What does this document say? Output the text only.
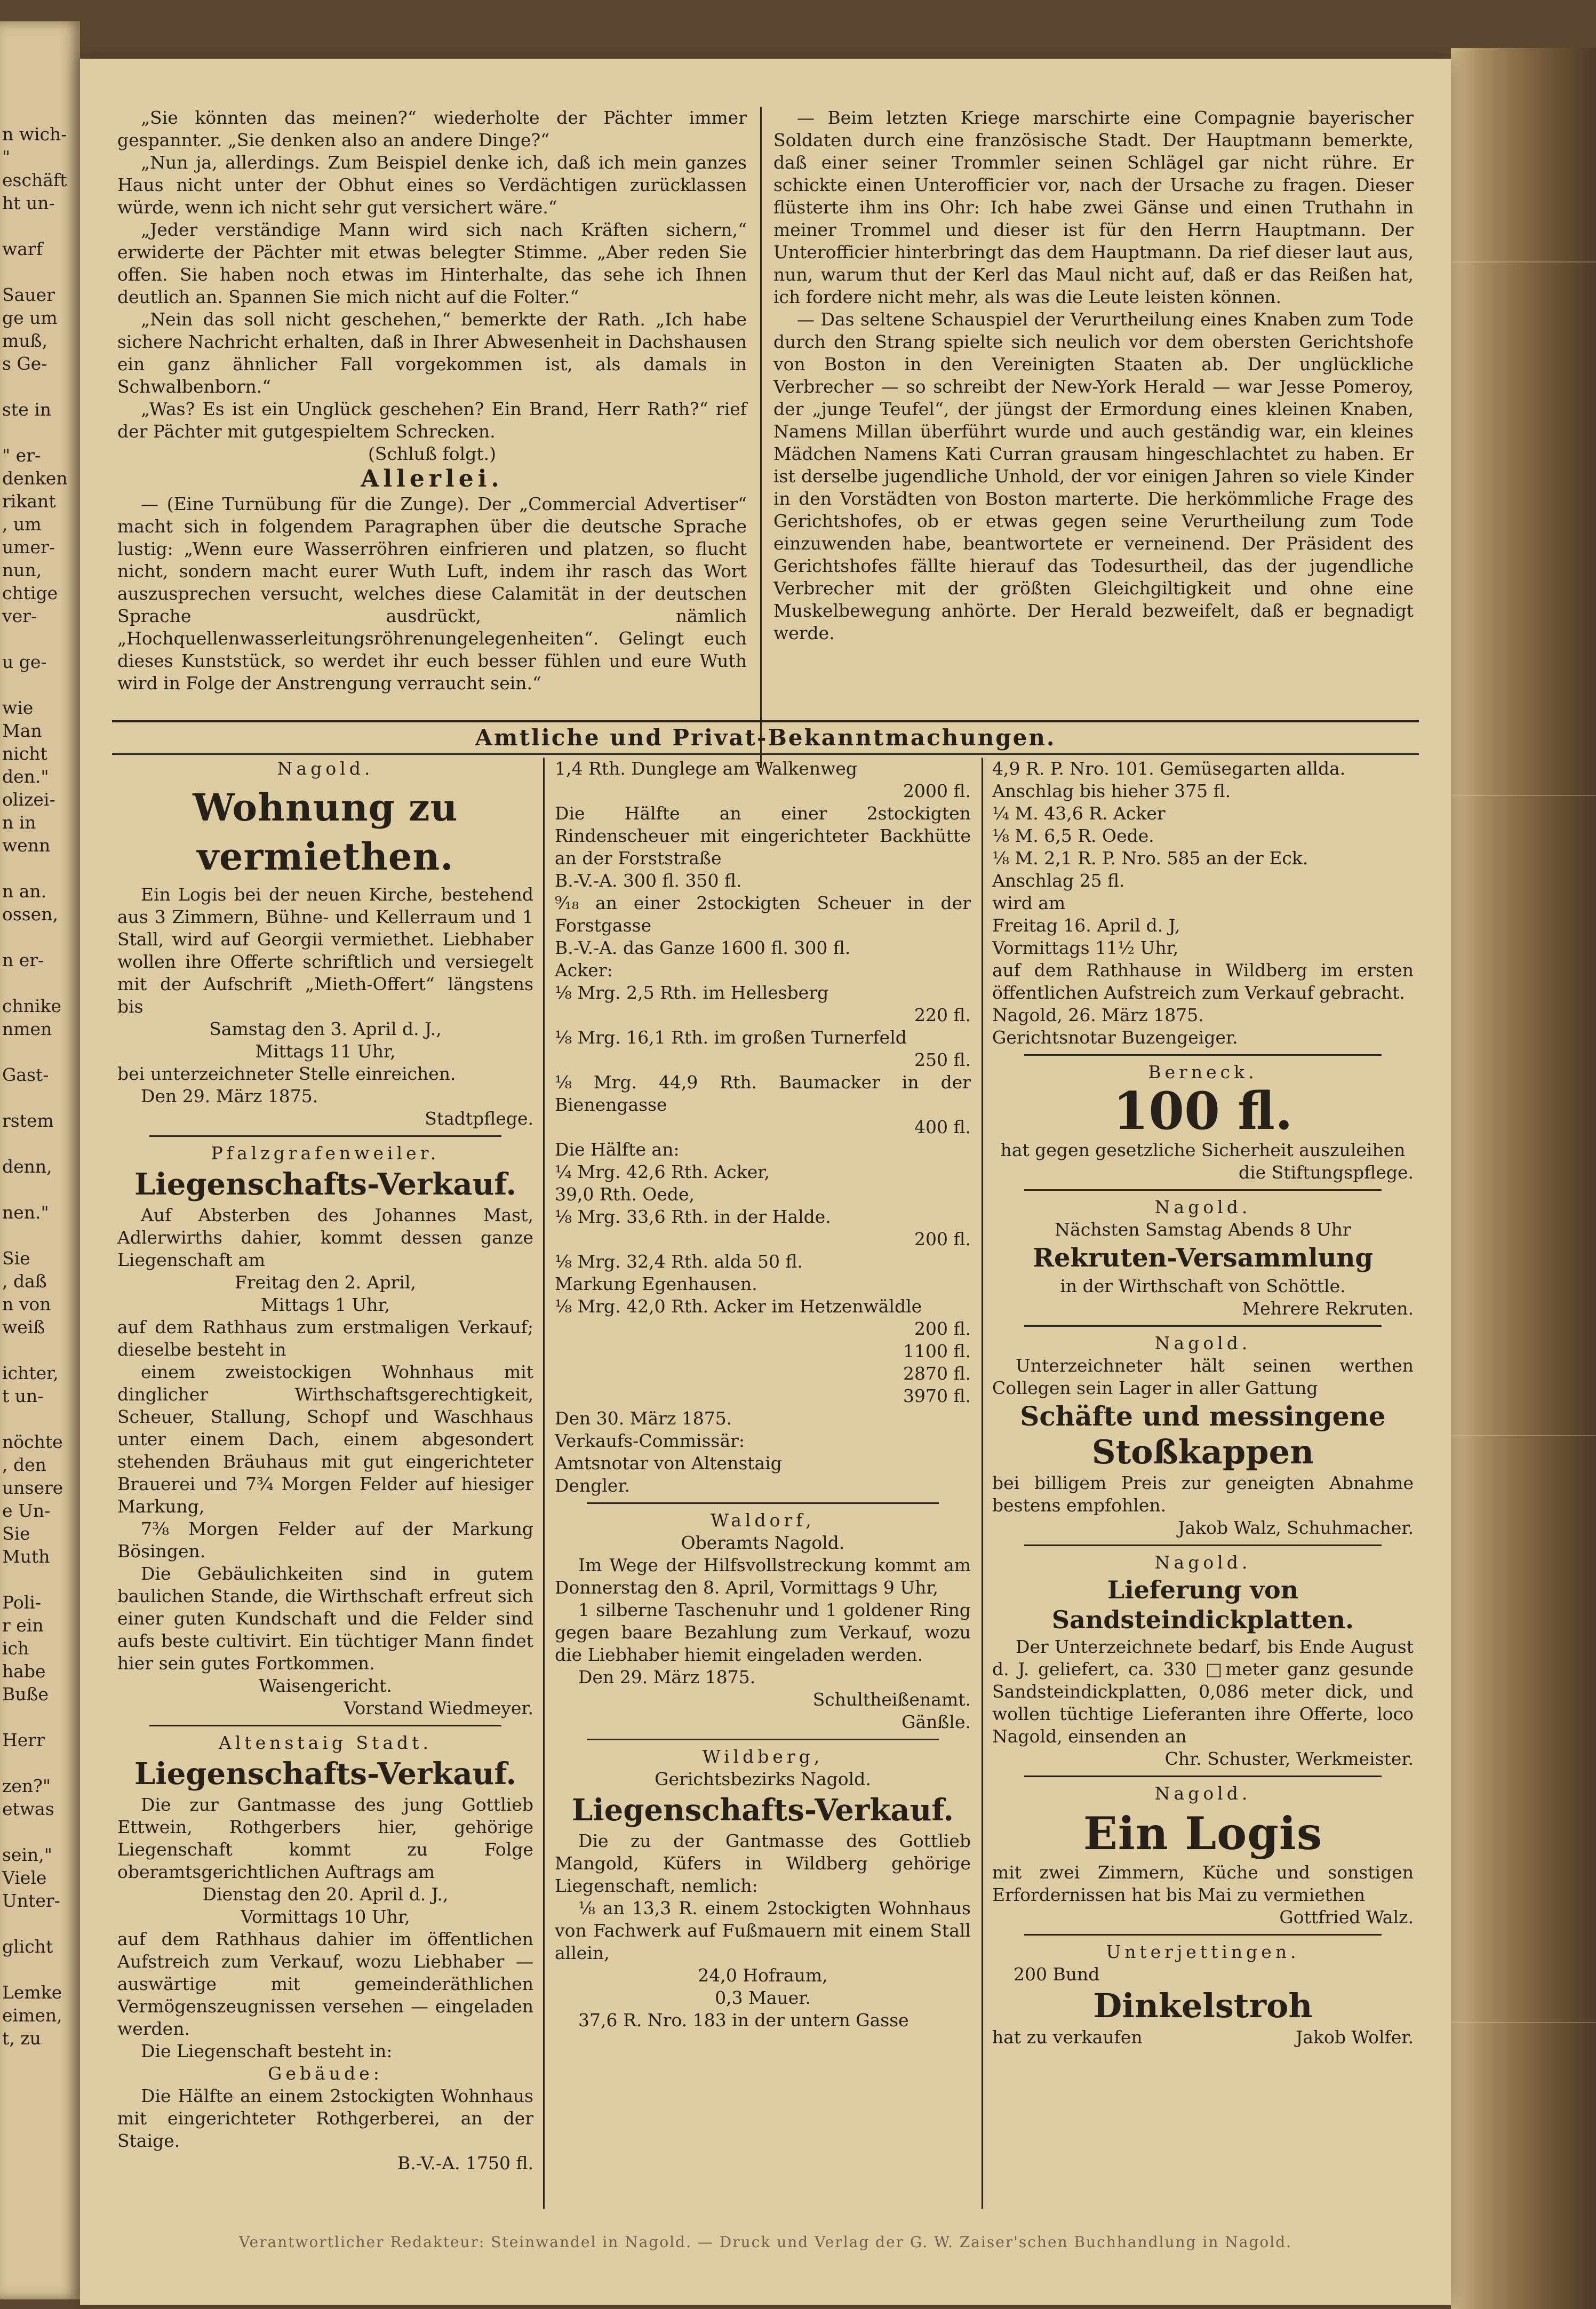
n wich-
"
eschäft
ht un-

warf

Sauer
ge um
muß,
s Ge-

ste in

" er-
denken
rikant
, um
umer-
nun,
chtige
ver-

u ge-

wie
Man
nicht
den."
olizei-
n in
wenn

n an.
ossen,

n er-

chnike
nmen

Gast-

rstem

denn,

nen."

Sie
, daß
n von
weiß

ichter,
t un-

nöchte
, den
unsere
e Un-
Sie
Muth

Poli-
r ein
ich
habe
Buße

Herr

zen?"
etwas

sein,"
Viele
Unter-

glicht

Lemke
eimen,
t, zu

„Sie könnten das meinen?“ wiederholte der Pächter immer gespannter. „Sie denken also an andere Dinge?“

„Nun ja, allerdings. Zum Beispiel denke ich, daß ich mein ganzes Haus nicht unter der Obhut eines so Verdächtigen zurücklassen würde, wenn ich nicht sehr gut versichert wäre.“

„Jeder verständige Mann wird sich nach Kräften sichern,“ erwiderte der Pächter mit etwas belegter Stimme. „Aber reden Sie offen. Sie haben noch etwas im Hinterhalte, das sehe ich Ihnen deutlich an. Spannen Sie mich nicht auf die Folter.“

„Nein das soll nicht geschehen,“ bemerkte der Rath. „Ich habe sichere Nachricht erhalten, daß in Ihrer Abwesenheit in Dachshausen ein ganz ähnlicher Fall vorgekommen ist, als damals in Schwalbenborn.“

„Was? Es ist ein Unglück geschehen? Ein Brand, Herr Rath?“ rief der Pächter mit gutgespieltem Schrecken.

(Schluß folgt.)

Allerlei.

— (Eine Turnübung für die Zunge). Der „Commercial Advertiser“ macht sich in folgendem Paragraphen über die deutsche Sprache lustig: „Wenn eure Wasserröhren einfrieren und platzen, so flucht nicht, sondern macht eurer Wuth Luft, indem ihr rasch das Wort auszusprechen versucht, welches diese Calamität in der deutschen Sprache ausdrückt, nämlich „Hochquellenwasserleitungsröhrenungelegenheiten“. Gelingt euch dieses Kunststück, so werdet ihr euch besser fühlen und eure Wuth wird in Folge der Anstrengung verraucht sein.“

— Beim letzten Kriege marschirte eine Compagnie bayerischer Soldaten durch eine französische Stadt. Der Hauptmann bemerkte, daß einer seiner Trommler seinen Schlägel gar nicht rühre. Er schickte einen Unterofficier vor, nach der Ursache zu fragen. Dieser flüsterte ihm ins Ohr: Ich habe zwei Gänse und einen Truthahn in meiner Trommel und dieser ist für den Herrn Hauptmann. Der Unterofficier hinterbringt das dem Hauptmann. Da rief dieser laut aus, nun, warum thut der Kerl das Maul nicht auf, daß er das Reißen hat, ich fordere nicht mehr, als was die Leute leisten können.

— Das seltene Schauspiel der Verurtheilung eines Knaben zum Tode durch den Strang spielte sich neulich vor dem obersten Gerichtshofe von Boston in den Vereinigten Staaten ab. Der unglückliche Verbrecher — so schreibt der New-York Herald — war Jesse Pomeroy, der „junge Teufel“, der jüngst der Ermordung eines kleinen Knaben, Namens Millan überführt wurde und auch geständig war, ein kleines Mädchen Namens Kati Curran grausam hingeschlachtet zu haben. Er ist derselbe jugendliche Unhold, der vor einigen Jahren so viele Kinder in den Vorstädten von Boston marterte. Die herkömmliche Frage des Gerichtshofes, ob er etwas gegen seine Verurtheilung zum Tode einzuwenden habe, beantwortete er verneinend. Der Präsident des Gerichtshofes fällte hierauf das Todesurtheil, das der jugendliche Verbrecher mit der größten Gleichgiltigkeit und ohne eine Muskelbewegung anhörte. Der Herald bezweifelt, daß er begnadigt werde.

Amtliche und Privat-Bekanntmachungen.

Nagold.

Wohnung zu vermiethen.

Ein Logis bei der neuen Kirche, bestehend aus 3 Zimmern, Bühne- und Kellerraum und 1 Stall, wird auf Georgii vermiethet. Liebhaber wollen ihre Offerte schriftlich und versiegelt mit der Aufschrift „Mieth-Offert“ längstens bis

Samstag den 3. April d. J.,

Mittags 11 Uhr,

bei unterzeichneter Stelle einreichen.

Den 29. März 1875.

Stadtpflege.

Pfalzgrafenweiler.

Liegenschafts-Verkauf.

Auf Absterben des Johannes Mast, Adlerwirths dahier, kommt dessen ganze Liegenschaft am

Freitag den 2. April,

Mittags 1 Uhr,

auf dem Rathhaus zum erstmaligen Verkauf; dieselbe besteht in

einem zweistockigen Wohnhaus mit dinglicher Wirthschaftsgerechtigkeit, Scheuer, Stallung, Schopf und Waschhaus unter einem Dach, einem abgesondert stehenden Bräuhaus mit gut eingerichteter Brauerei und 7¾ Morgen Felder auf hiesiger Markung,

7⅜ Morgen Felder auf der Markung Bösingen.

Die Gebäulichkeiten sind in gutem baulichen Stande, die Wirthschaft erfreut sich einer guten Kundschaft und die Felder sind aufs beste cultivirt. Ein tüchtiger Mann findet hier sein gutes Fortkommen.

Waisengericht.

Vorstand Wiedmeyer.

Altenstaig Stadt.

Liegenschafts-Verkauf.

Die zur Gantmasse des jung Gottlieb Ettwein, Rothgerbers hier, gehörige Liegenschaft kommt zu Folge oberamtsgerichtlichen Auftrags am

Dienstag den 20. April d. J.,

Vormittags 10 Uhr,

auf dem Rathhaus dahier im öffentlichen Aufstreich zum Verkauf, wozu Liebhaber — auswärtige mit gemeinderäthlichen Vermögenszeugnissen versehen — eingeladen werden.

Die Liegenschaft besteht in:

Gebäude:

Die Hälfte an einem 2stockigten Wohnhaus mit eingerichteter Rothgerberei, an der Staige.

B.-V.-A. 1750 fl.

1,4 Rth. Dunglege am Walkenweg

2000 fl.

Die Hälfte an einer 2stockigten Rindenscheuer mit eingerichteter Backhütte an der Forststraße

B.-V.-A. 300 fl. 350 fl.

⁹⁄₁₈ an einer 2stockigten Scheuer in der Forstgasse

B.-V.-A. das Ganze 1600 fl. 300 fl.

Acker:

⅛ Mrg. 2,5 Rth. im Hellesberg

220 fl.

⅛ Mrg. 16,1 Rth. im großen Turnerfeld

250 fl.

⅛ Mrg. 44,9 Rth. Baumacker in der Bienengasse

400 fl.

Die Hälfte an:

¼ Mrg. 42,6 Rth. Acker,

39,0 Rth. Oede,

⅛ Mrg. 33,6 Rth. in der Halde.

200 fl.

⅛ Mrg. 32,4 Rth. alda 50 fl.

Markung Egenhausen.

⅛ Mrg. 42,0 Rth. Acker im Hetzenwäldle

200 fl.

1100 fl.

2870 fl.

3970 fl.

Den 30. März 1875.

Verkaufs-Commissär:

Amtsnotar von Altenstaig

Dengler.

Waldorf,

Oberamts Nagold.

Im Wege der Hilfsvollstreckung kommt am Donnerstag den 8. April, Vormittags 9 Uhr,

1 silberne Taschenuhr und 1 goldener Ring gegen baare Bezahlung zum Verkauf, wozu die Liebhaber hiemit eingeladen werden.

Den 29. März 1875.

Schultheißenamt.

Gänßle.

Wildberg,

Gerichtsbezirks Nagold.

Liegenschafts-Verkauf.

Die zu der Gantmasse des Gottlieb Mangold, Küfers in Wildberg gehörige Liegenschaft, nemlich:

⅛ an 13,3 R. einem 2stockigten Wohnhaus von Fachwerk auf Fußmauern mit einem Stall allein,

24,0 Hofraum,

0,3 Mauer.

37,6 R. Nro. 183 in der untern Gasse

4,9 R. P. Nro. 101. Gemüsegarten allda.

Anschlag bis hieher 375 fl.

¼ M. 43,6 R. Acker

⅛ M. 6,5 R. Oede.

⅛ M. 2,1 R. P. Nro. 585 an der Eck.

Anschlag 25 fl.

wird am

Freitag 16. April d. J,

Vormittags 11½ Uhr,

auf dem Rathhause in Wildberg im ersten öffentlichen Aufstreich zum Verkauf gebracht.

Nagold, 26. März 1875.

Gerichtsnotar Buzengeiger.

Berneck.

100 fl.

hat gegen gesetzliche Sicherheit auszuleihen

die Stiftungspflege.

Nagold.

Nächsten Samstag Abends 8 Uhr

Rekruten-Versammlung

in der Wirthschaft von Schöttle.

Mehrere Rekruten.

Nagold.

Unterzeichneter hält seinen werthen Collegen sein Lager in aller Gattung

Schäfte und messingene

Stoßkappen

bei billigem Preis zur geneigten Abnahme bestens empfohlen.

Jakob Walz, Schuhmacher.

Nagold.

Lieferung von Sandsteindickplatten.

Der Unterzeichnete bedarf, bis Ende August d. J. geliefert, ca. 330 □meter ganz gesunde Sandsteindickplatten, 0,086 meter dick, und wollen tüchtige Lieferanten ihre Offerte, loco Nagold, einsenden an

Chr. Schuster, Werkmeister.

Nagold.

Ein Logis

mit zwei Zimmern, Küche und sonstigen Erfordernissen hat bis Mai zu vermiethen

Gottfried Walz.

Unterjettingen.

200 Bund

Dinkelstroh

hat zu verkaufen	Jakob Wolfer.

Verantwortlicher Redakteur: Steinwandel in Nagold. — Druck und Verlag der G. W. Zaiser'schen Buchhandlung in Nagold.
